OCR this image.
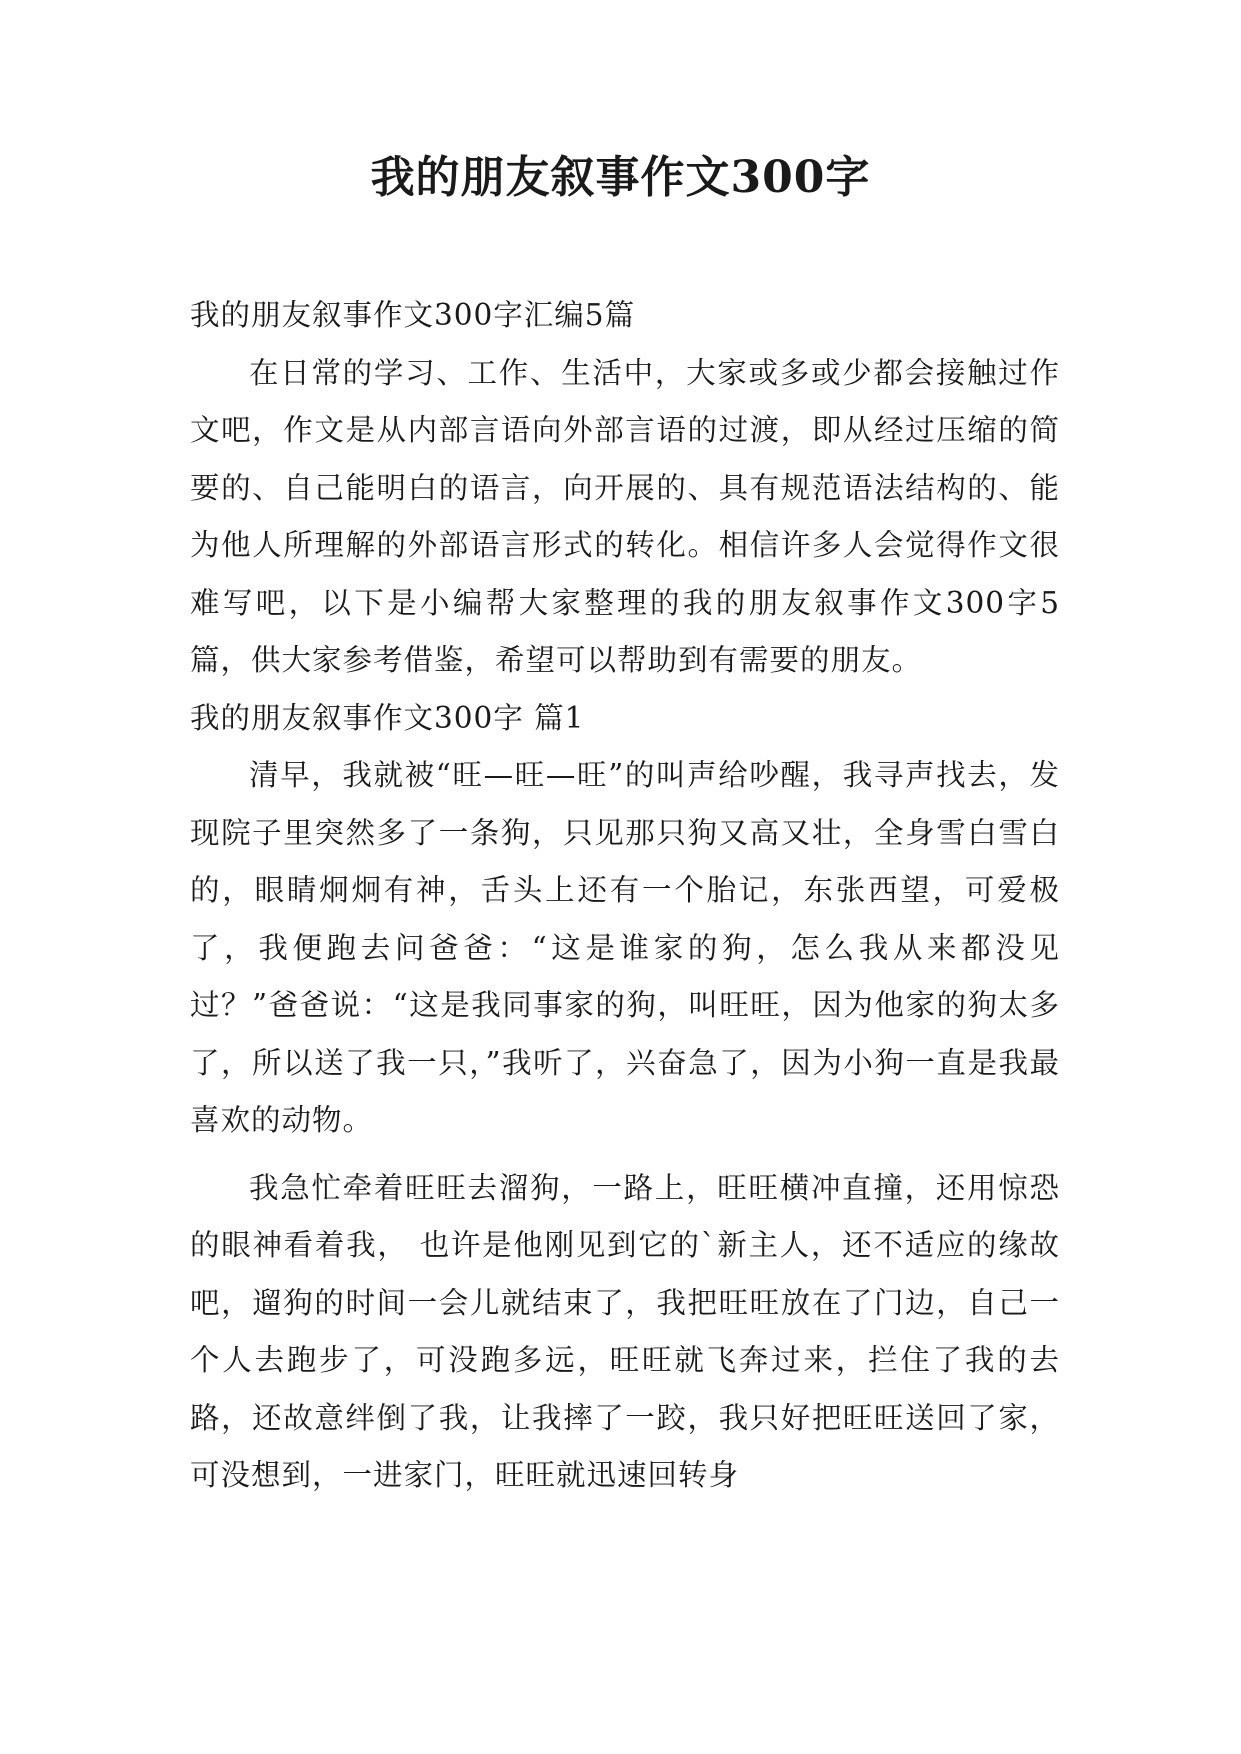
我的朋友叙事作文300字

我的朋友叙事作文300字汇编5篇

在日常的学习、工作、生活中，大家或多或少都会接触过作文吧，作文是从内部言语向外部言语的过渡，即从经过压缩的简要的、自己能明白的语言，向开展的、具有规范语法结构的、能为他人所理解的外部语言形式的转化。相信许多人会觉得作文很难写吧，以下是小编帮大家整理的我的朋友叙事作文300字5篇，供大家参考借鉴，希望可以帮助到有需要的朋友。

我的朋友叙事作文300字 篇1

清早，我就被“旺—旺—旺”的叫声给吵醒，我寻声找去，发现院子里突然多了一条狗，只见那只狗又高又壮，全身雪白雪白的，眼睛炯炯有神，舌头上还有一个胎记，东张西望，可爱极了，我便跑去问爸爸：“这是谁家的狗，怎么我从来都没见过？”爸爸说：“这是我同事家的狗，叫旺旺，因为他家的狗太多了，所以送了我一只，”我听了，兴奋急了，因为小狗一直是我最喜欢的动物。

我急忙牵着旺旺去溜狗，一路上，旺旺横冲直撞，还用惊恐的眼神看着我， 也许是他刚见到它的`新主人，还不适应的缘故吧，遛狗的时间一会儿就结束了，我把旺旺放在了门边，自己一个人去跑步了，可没跑多远，旺旺就飞奔过来，拦住了我的去路，还故意绊倒了我，让我摔了一跤，我只好把旺旺送回了家，可没想到，一进家门，旺旺就迅速回转身
